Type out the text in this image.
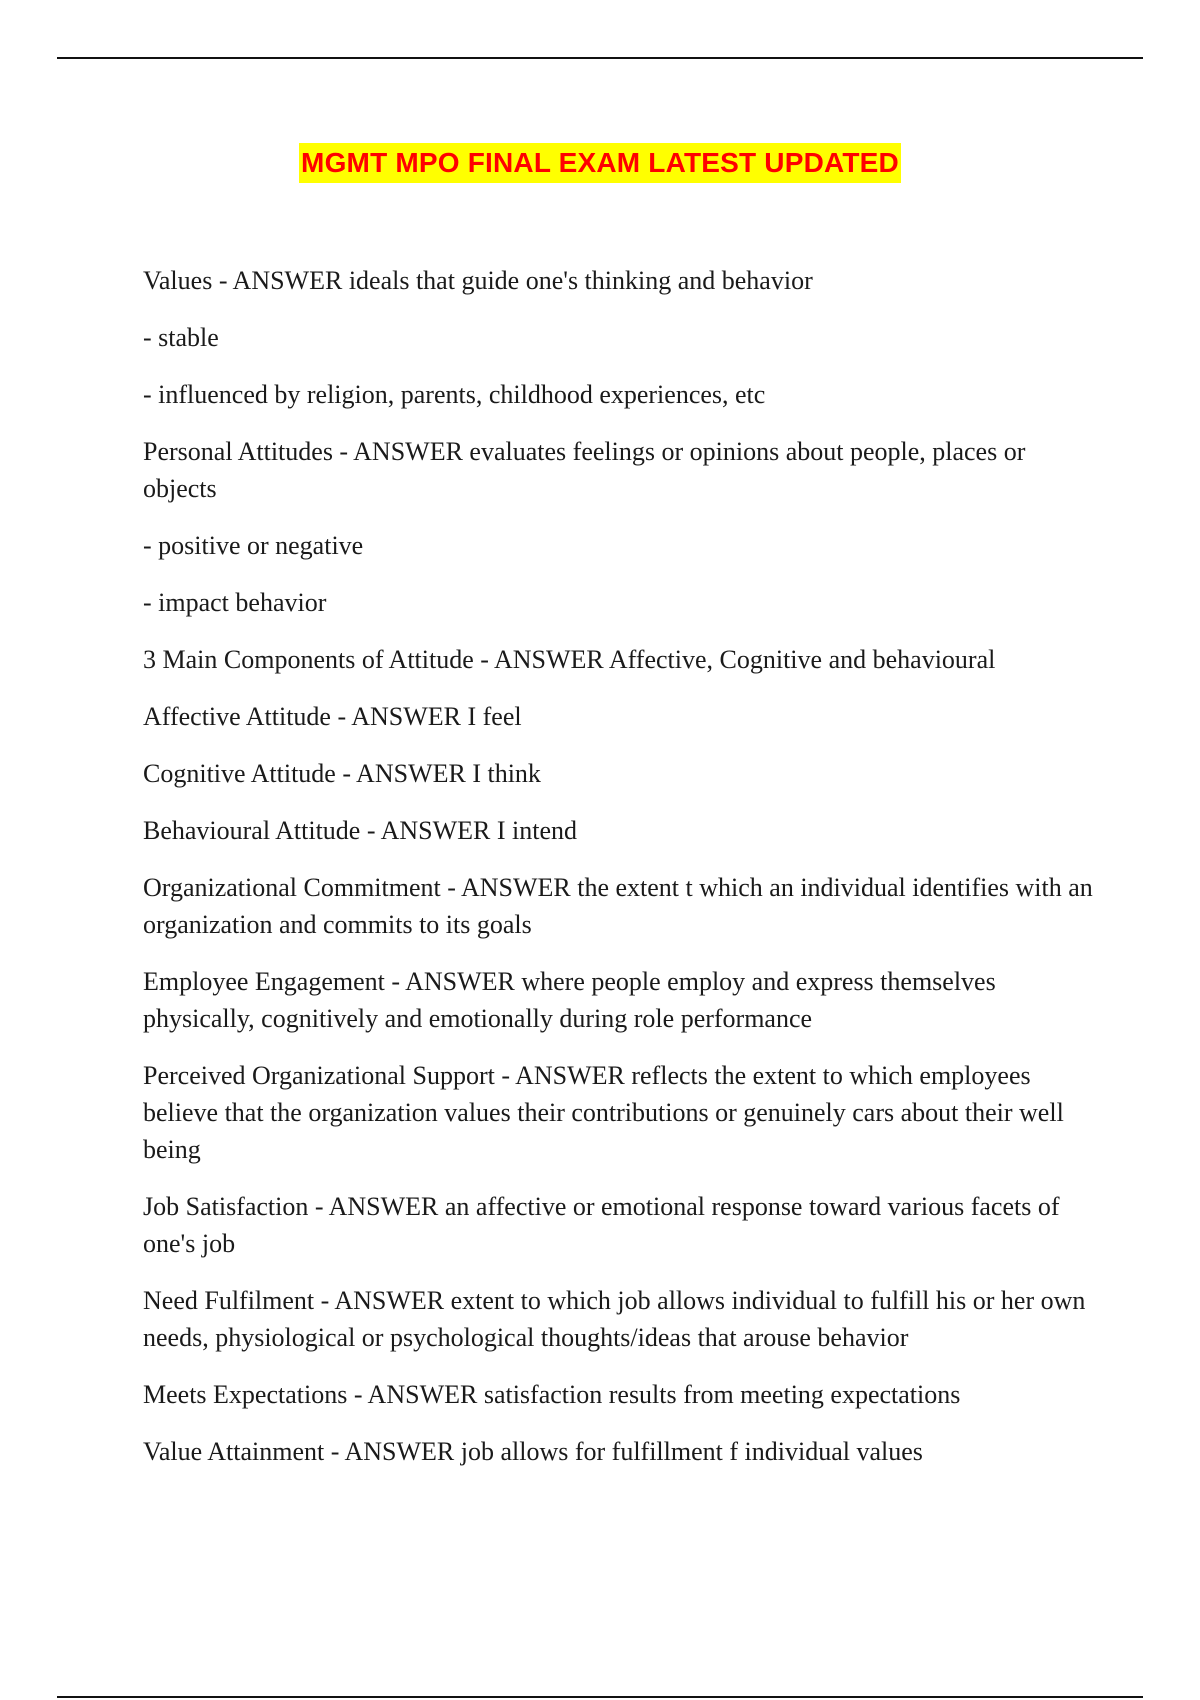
MGMT MPO FINAL EXAM LATEST UPDATED

Values - ANSWER ideals that guide one's thinking and behavior

- stable

- influenced by religion, parents, childhood experiences, etc

Personal Attitudes - ANSWER evaluates feelings or opinions about people, places or objects

- positive or negative

- impact behavior

3 Main Components of Attitude - ANSWER Affective, Cognitive and behavioural

Affective Attitude - ANSWER I feel

Cognitive Attitude - ANSWER I think

Behavioural Attitude - ANSWER I intend

Organizational Commitment - ANSWER the extent t which an individual identifies with an organization and commits to its goals

Employee Engagement - ANSWER where people employ and express themselves physically, cognitively and emotionally during role performance

Perceived Organizational Support - ANSWER reflects the extent to which employees believe that the organization values their contributions or genuinely cars about their well being

Job Satisfaction - ANSWER an affective or emotional response toward various facets of one's job

Need Fulfilment - ANSWER extent to which job allows individual to fulfill his or her own needs, physiological or psychological thoughts/ideas that arouse behavior

Meets Expectations - ANSWER satisfaction results from meeting expectations

Value Attainment - ANSWER job allows for fulfillment f individual values
